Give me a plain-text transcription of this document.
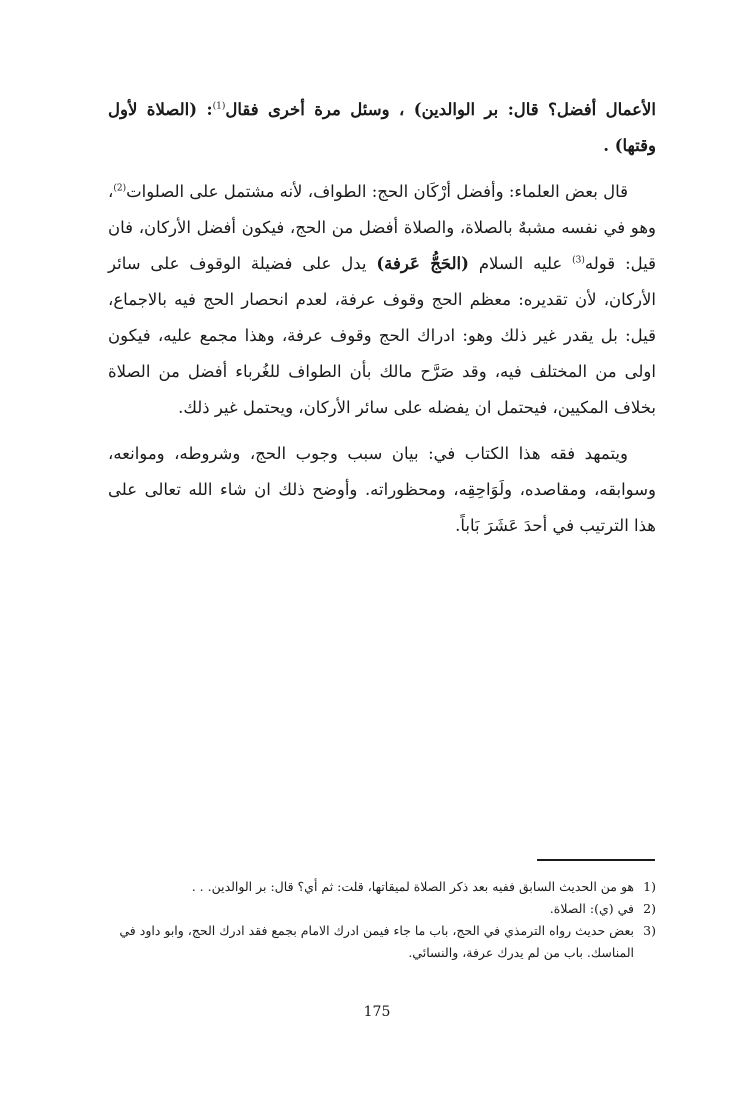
الأعمال أفضل؟ قال: بر الوالدين) ، وسئل مرة أخرى فقال$^{(1)}$: (الصلاة لأول وقتها) .

قال بعض العلماء: وأفضل أرْكَان الحج: الطواف، لأنه مشتمل على الصلوات$^{(2)}$، وهو في نفسه مشبهٌ بالصلاة، والصلاة أفضل من الحج، فيكون أفضل الأركان، فان قيل: قوله$^{(3)}$ عليه السلام (الحَجُّ عَرفة) يدل على فضيلة الوقوف على سائر الأركان، لأن تقديره: معظم الحج وقوف عرفة، لعدم انحصار الحج فيه بالاجماع، قيل: بل يقدر غير ذلك وهو: ادراك الحج وقوف عرفة، وهذا مجمع عليه، فيكون اولى من المختلف فيه، وقد صَرَّح مالك بأن الطواف للغُرباء أفضل من الصلاة بخلاف المكيين، فيحتمل ان يفضله على سائر الأركان، ويحتمل غير ذلك.

ويتمهد فقه هذا الكتاب في: بيان سبب وجوب الحج، وشروطه، وموانعه، وسوابقه، ومقاصده، ولَوَاحِقِه، ومحظوراته. وأوضح ذلك ان شاء الله تعالى على هذا الترتيب في أحدَ عَشَرَ بَاباً.

1)
هو من الحديث السابق ففيه بعد ذكر الصلاة لميقاتها، قلت: ثم أي؟ قال: بر الوالدين. . .
2)
في (ي): الصلاة.
3)
بعض حديث رواه الترمذي في الحج، باب ما جاء فيمن ادرك الامام بجمع فقد ادرك الحج، وابو داود في المناسك. باب من لم يدرك عرفة، والنسائي.
175
